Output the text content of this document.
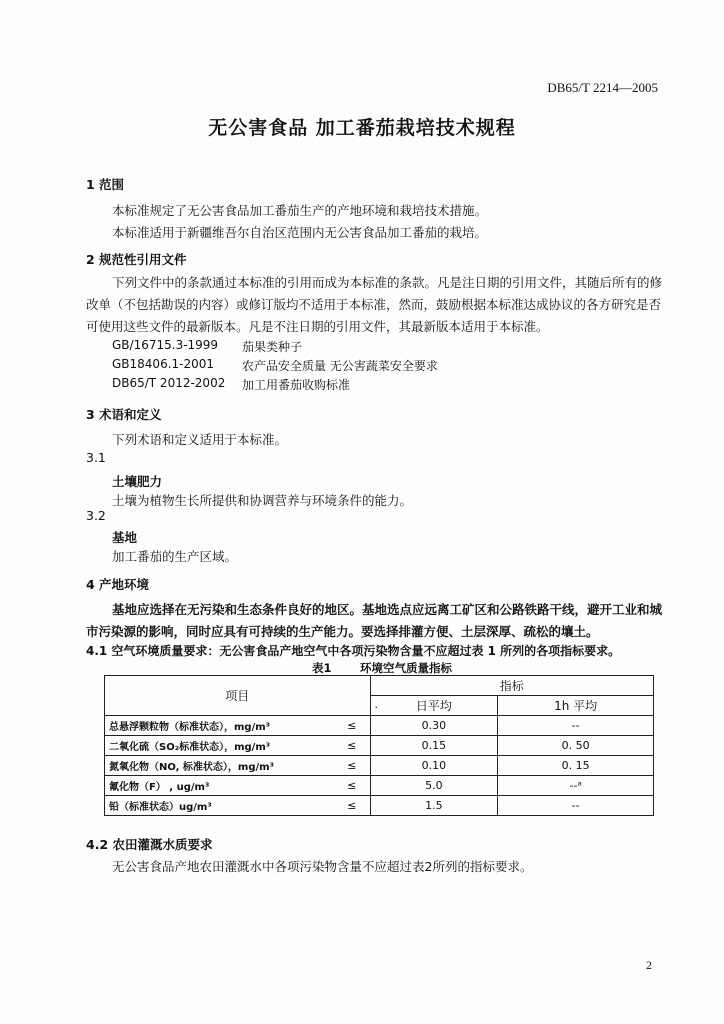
DB65/T 2214—2005
无公害食品 加工番茄栽培技术规程
1 范围
本标准规定了无公害食品加工番茄生产的产地环境和栽培技术措施。
本标准适用于新疆维吾尔自治区范围内无公害食品加工番茄的栽培。
2 规范性引用文件
下列文件中的条款通过本标准的引用而成为本标准的条款。凡是注日期的引用文件，其随后所有的修改单（不包括勘误的内容）或修订版均不适用于本标准，然而，鼓励根据本标准达成协议的各方研究是否可使用这些文件的最新版本。凡是不注日期的引用文件，其最新版本适用于本标准。
GB/16715.3-1999 茄果类种子
GB18406.1-2001 农产品安全质量 无公害蔬菜安全要求
DB65/T 2012-2002 加工用番茄收购标准
3 术语和定义
下列术语和定义适用于本标准。
3.1
土壤肥力
土壤为植物生长所提供和协调营养与环境条件的能力。
3.2
基地
加工番茄的生产区域。
4 产地环境
基地应选择在无污染和生态条件良好的地区。基地选点应远离工矿区和公路铁路干线，避开工业和城市污染源的影响，同时应具有可持续的生产能力。要选择排灌方便、土层深厚、疏松的壤土。
4.1 空气环境质量要求：无公害食品产地空气中各项污染物含量不应超过表 1 所列的各项指标要求。
表1 环境空气质量指标
项目		指标	

		. 日平均	1h 平均
总悬浮颗粒物（标准状态），mg/m³	≤	0.30	--
二氧化硫（SO₂标准状态），mg/m³	≤	0.15	0. 50
氮氧化物（NO, 标准状态），mg/m³	≤	0.10	0. 15
氟化物（F） , ug/m³	≤	5.0	--ᵃ
铅（标准状态）ug/m³	≤	1.5	--
4.2 农田灌溉水质要求
无公害食品产地农田灌溉水中各项污染物含量不应超过表2所列的指标要求。
2
